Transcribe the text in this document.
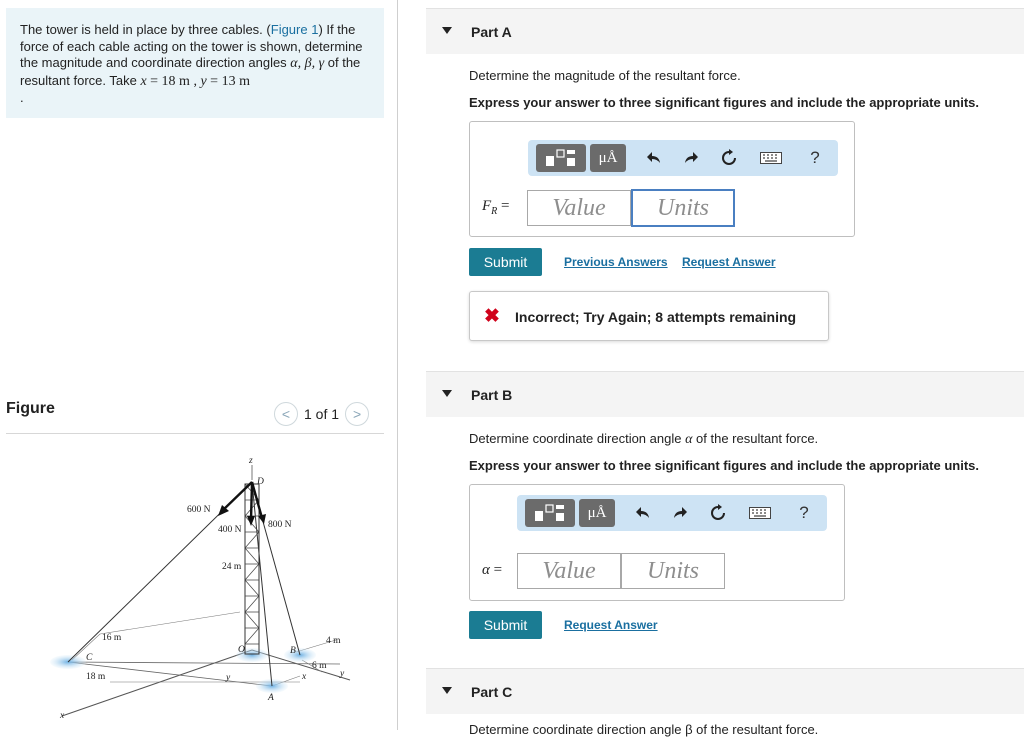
The tower is held in place by three cables. (Figure 1) If the force of each cable acting on the tower is shown, determine the magnitude and coordinate direction angles α, β, γ of the resultant force. Take x = 18 m , y = 13 m
.
Figure	< 1 of 1 >
z
D
600 N
400 N	800 N
24 m
16 m
18 m
4 m
6 m
C
O	B
A
x
x
y	y
Part A
Determine the magnitude of the resultant force.
Express your answer to three significant figures and include the appropriate units.
μÅ	?
$F_R$ =	Value	Units
Submit	Previous Answers Request Answer
✖ Incorrect; Try Again; 8 attempts remaining
Part B
Determine coordinate direction angle α of the resultant force.
Express your answer to three significant figures and include the appropriate units.
μÅ	?
α =	Value	Units
Submit	Request Answer
Part C
Determine coordinate direction angle β of the resultant force.
